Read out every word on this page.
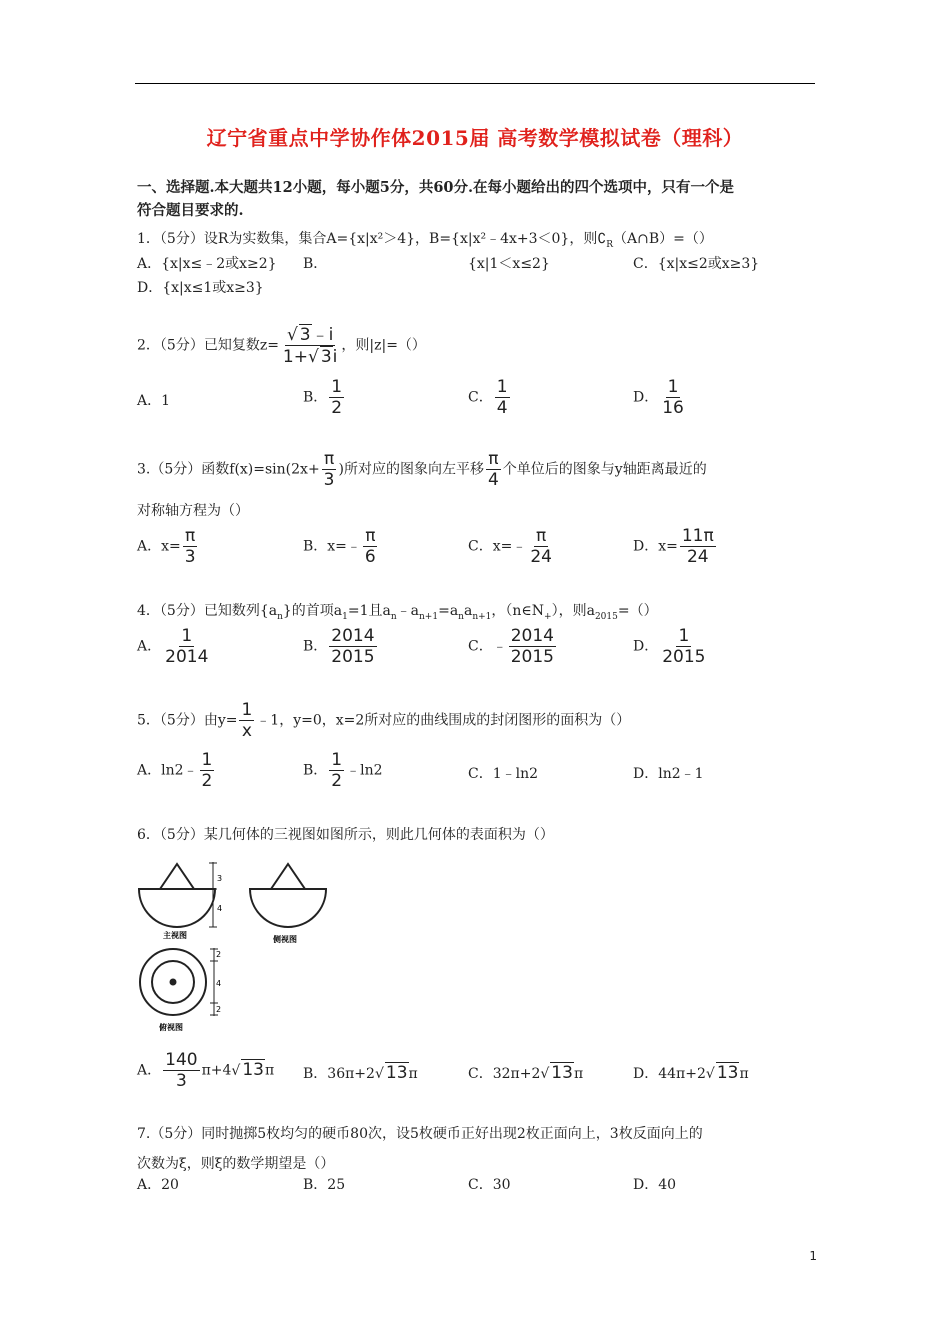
辽宁省重点中学协作体2015届 高考数学模拟试卷（理科）
一、选择题.本大题共12小题，每小题5分，共60分.在每小题给出的四个选项中，只有一个是
符合题目要求的.
1．（5分）设R为实数集，集合A={x|x²＞4}，B={x|x²﹣4x+3＜0}，则$∁_R(A\cap B)=()$
A．{x|x≤﹣2或x≥2} B．	{x|1＜x≤2}	C．{x|x≤2或x≥3}
D．{x|x≤1或x≥3}
2．（5分）已知复数$z= \frac{√ 3﹣i}{1+√ 3i}$ ，则|z|=（）
A．1	B． $\frac{1}{2}$	C． $\frac{1}{4}$	D． $\frac{1}{16}$
3.（5分）函数$f(x)=\sin(2x+ \frac{\pi}{3}$ )所对应的图象向左平移 $\frac{\pi}{4}$ 个单位后的图象与y轴距离最近的
对称轴方程为（）
A．$x= \frac{\pi}{3}$	B．x=﹣ $\frac{\pi}{6}$	C．x=﹣ $\frac{\pi}{24}$	D．$x= \frac{11\pi}{24}$
4．（5分）已知数列$\{a_n\}$的首项$a_1=1$且$a_n﹣a_{n+1}=a_na_{n+1}$，$(n\in N_+)$，则$a_{2015}=()$
A． $\frac{1}{2014}$	B． $\frac{2014}{2015}$	C．﹣ $\frac{2014}{2015}$	D． $\frac{1}{2015}$
5．（5分）由$y= \frac{1}{x}$ ﹣1，y=0，x=2所对应的曲线围成的封闭图形的面积为（）
A．ln2﹣ $\frac{1}{2}$	B． $\frac{1}{2}$ ﹣ln2	C．1﹣ln2	D．ln2﹣1
6．（5分）某几何体的三视图如图所示，则此几何体的表面积为（）
3
4
主视图	侧视图
2
4
2
俯视图
A． $\frac{140}{3} \pi+4√$ 13π B．36π+2√ 13π	C．32π+2√ 13π	D．44π+2√ 13π
7.（5分）同时抛掷5枚均匀的硬币80次，设5枚硬币正好出现2枚正面向上，3枚反面向上的
次数为ξ，则ξ的数学期望是（）
A．20	B．25	C．30	D．40
1
